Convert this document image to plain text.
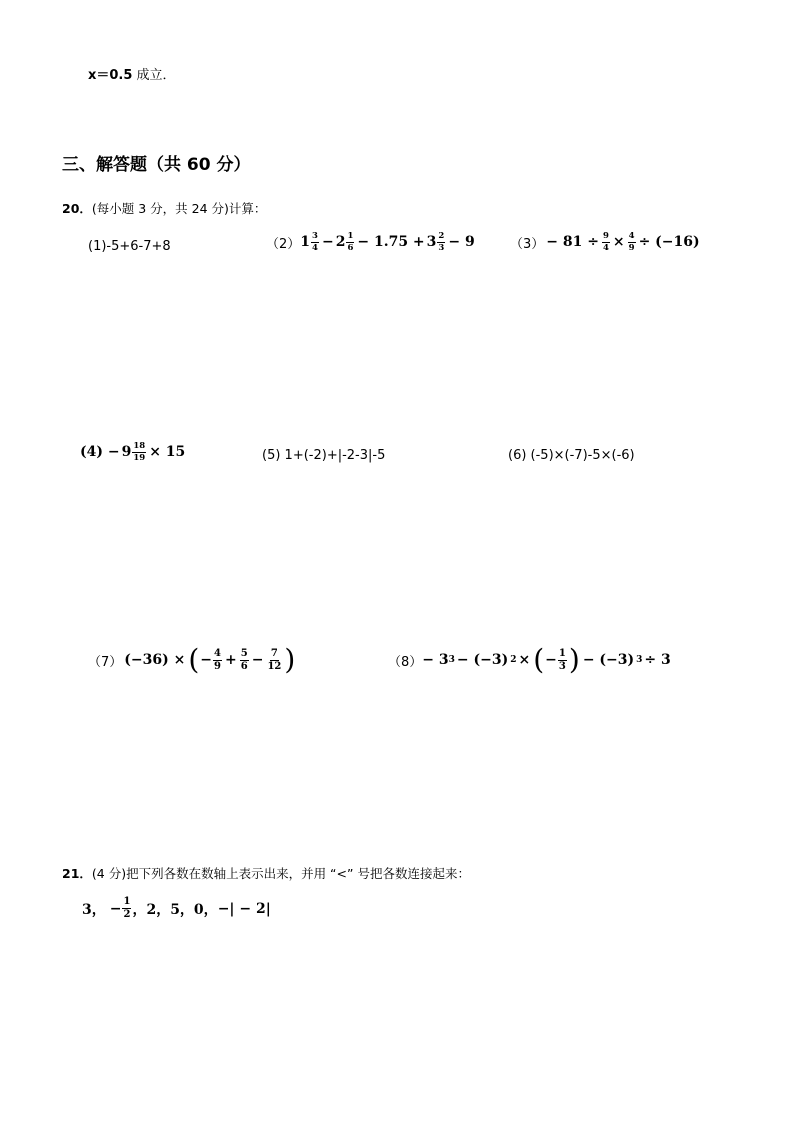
x＝0.5 成立．
三、解答题（共 60 分）
20．(每小题 3 分，共 24 分)计算：
(1)-5+6-7+8	（2） $1 \frac{3}{4} - 2 \frac{1}{6} - 1.75 + 3 \frac{2}{3} - 9$	$(3) - 81 \div \frac{9}{4} \times \frac{4}{9} \div (-16)$
$(4) - 9 \frac{18}{19} \times 15$	(5) 1+(-2)+|-2-3|-5	(6) (-5)×(-7)-5×(-6)
（7） (−36) × ( − $\frac{4}{9} + \frac{5}{6} - \frac{7}{12}$ )	（8） − 3 3 − (−3) 2 × ( − $\frac{1}{3}$ ) − (−3) 3 ÷ 3
21．(4 分)把下列各数在数轴上表示出来，并用 “<” 号把各数连接起来：
3， − $\frac{1}{2}$ ，2，5，0， −| − 2|
